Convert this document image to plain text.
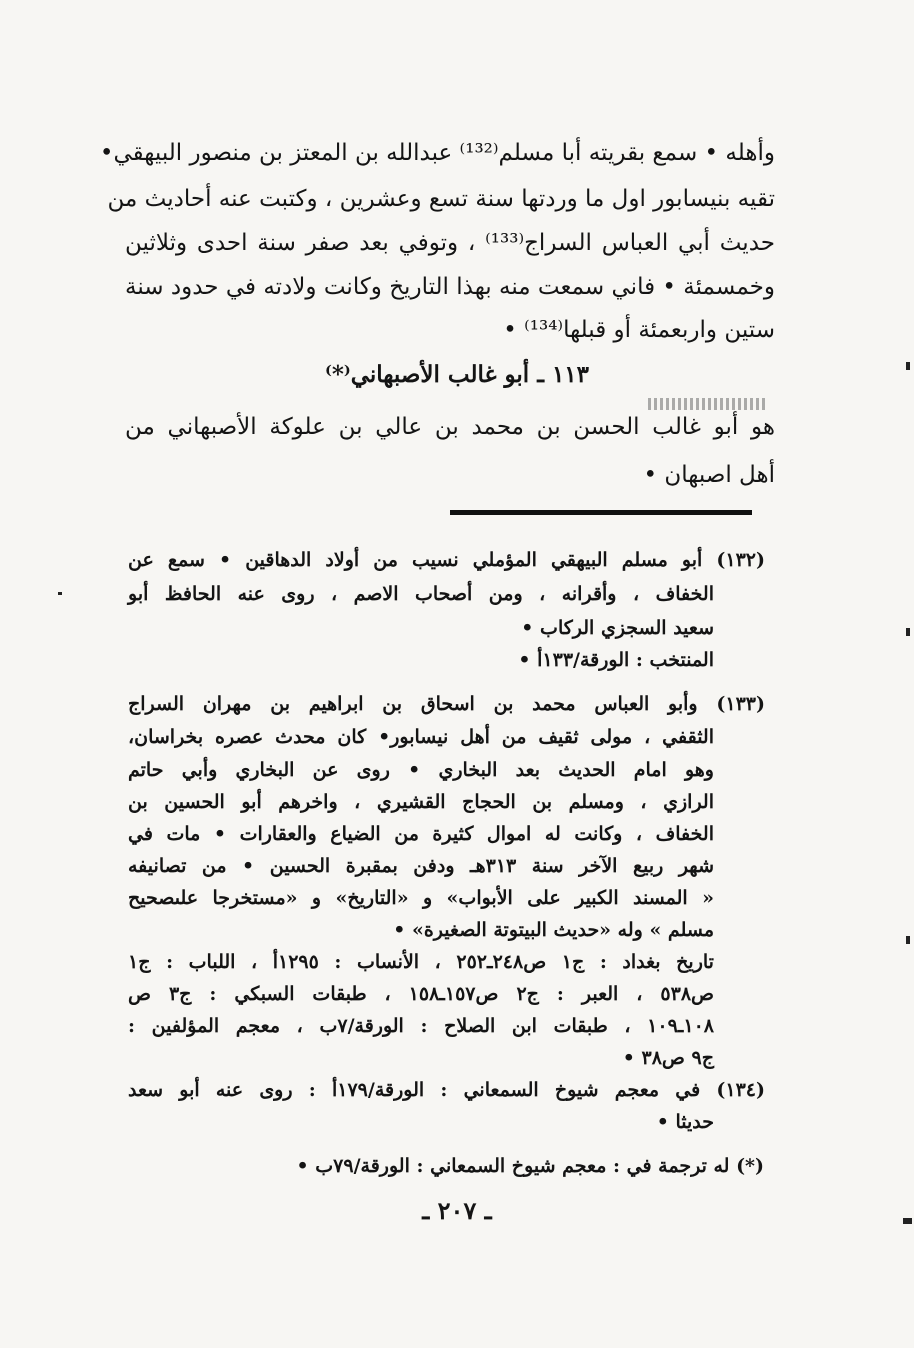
وأهله • سمع بقريته أبا مسلم⁽¹³²⁾ عبدالله بن المعتز بن منصور البيهقي•
تقيه بنيسابور اول ما وردتها سنة تسع وعشرين ، وكتبت عنه أحاديث من
حديث أبي العباس السراج⁽¹³³⁾ ، وتوفي بعد صفر سنة احدى وثلاثين
وخمسمئة • فاني سمعت منه بهذا التاريخ وكانت ولادته في حدود سنة
ستين واربعمئة أو قبلها⁽¹³⁴⁾ •
١١٣ ـ أبو غالب الأصبهاني⁽*⁾
هو أبو غالب الحسن بن محمد بن عالي بن علوكة الأصبهاني من
أهل اصبهان •
(١٣٢) أبو مسلم البيهقي المؤملي نسيب من أولاد الدهاقين • سمع عن
الخفاف ، وأقرانه ، ومن أصحاب الاصم ، روى عنه الحافظ أبو
سعيد السجزي الركاب •
المنتخب : الورقة/١٣٣أ •
(١٣٣) وأبو العباس محمد بن اسحاق بن ابراهيم بن مهران السراج
الثقفي ، مولى ثقيف من أهل نيسابور• كان محدث عصره بخراسان،
وهو امام الحديث بعد البخاري • روى عن البخاري وأبي حاتم
الرازي ، ومسلم بن الحجاج القشيري ، واخرهم أبو الحسين بن
الخفاف ، وكانت له اموال كثيرة من الضياع والعقارات • مات في
شهر ربيع الآخر سنة ٣١٣هـ ودفن بمقبرة الحسين • من تصانيفه
« المسند الكبير على الأبواب» و «التاريخ» و «مستخرجا علىصحيح
مسلم » وله «حديث البيتوتة الصغيرة» •
تاريخ بغداد : ج١ ص٢٤٨ـ٢٥٢ ، الأنساب : ١٢٩٥أ ، اللباب : ج١
ص٥٣٨ ، العبر : ج٢ ص١٥٧ـ١٥٨ ، طبقات السبكي : ج٣ ص
١٠٨ـ١٠٩ ، طبقات ابن الصلاح : الورقة/٧ب ، معجم المؤلفين :
ج٩ ص٣٨ •
(١٣٤) في معجم شيوخ السمعاني : الورقة/١٧٩أ : روى عنه أبو سعد
حديثا •
(*) له ترجمة في : معجم شيوخ السمعاني : الورقة/٧٩ب •
ـ ٢٠٧ ـ
